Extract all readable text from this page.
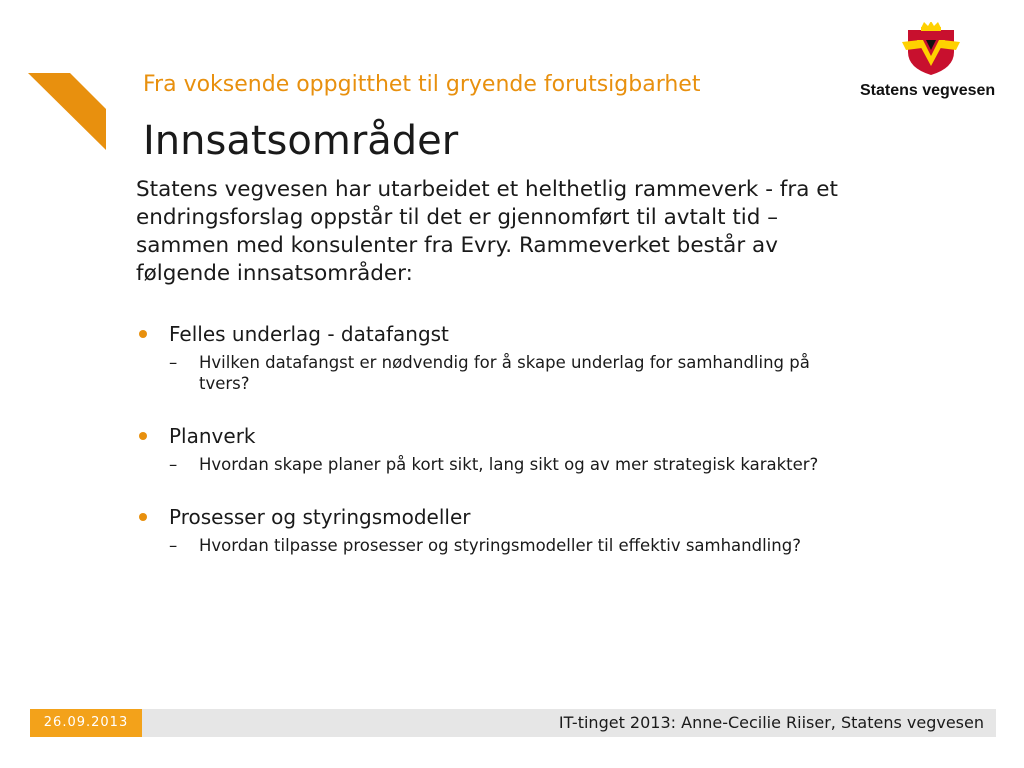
Fra voksende oppgitthet til gryende forutsigbarhet
Innsatsområder
Statens vegvesen
Statens vegvesen har utarbeidet et helthetlig rammeverk - fra et endringsforslag oppstår til det er gjennomført til avtalt tid – sammen med konsulenter fra Evry. Rammeverket består av følgende innsatsområder:
Felles underlag - datafangst
– Hvilken datafangst er nødvendig for å skape underlag for samhandling på tvers?
Planverk
– Hvordan skape planer på kort sikt, lang sikt og av mer strategisk karakter?
Prosesser og styringsmodeller
– Hvordan tilpasse prosesser og styringsmodeller til effektiv samhandling?
26.09.2013	IT-tinget 2013: Anne-Cecilie Riiser, Statens vegvesen
